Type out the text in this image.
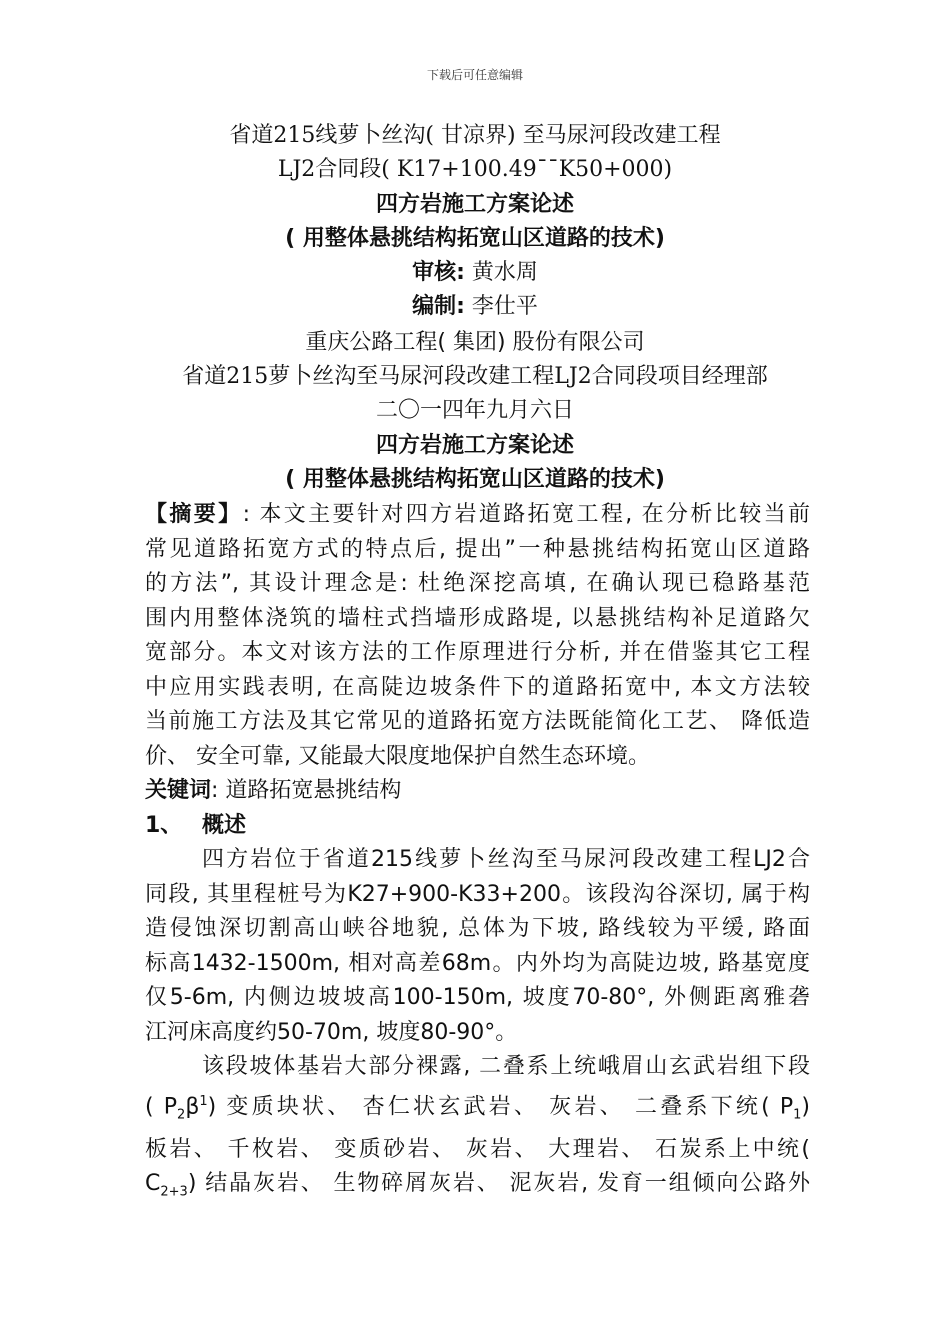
下载后可任意编辑
省道215线萝卜丝沟( 甘凉界) 至马尿河段改建工程
LJ2合同段( K17+100.49¯¯K50+000)
四方岩施工方案论述
( 用整体悬挑结构拓宽山区道路的技术)
审核: 黄水周
编制: 李仕平
重庆公路工程( 集团) 股份有限公司
省道215萝卜丝沟至马尿河段改建工程LJ2合同段项目经理部
二〇一四年九月六日
四方岩施工方案论述
( 用整体悬挑结构拓宽山区道路的技术)

【摘要】: 本文主要针对四方岩道路拓宽工程, 在分析比较当前

常见道路拓宽方式的特点后, 提出”一种悬挑结构拓宽山区道路

的方法”, 其设计理念是: 杜绝深挖高填, 在确认现已稳路基范

围内用整体浇筑的墙柱式挡墙形成路堤, 以悬挑结构补足道路欠

宽部分。本文对该方法的工作原理进行分析, 并在借鉴其它工程

中应用实践表明, 在高陡边坡条件下的道路拓宽中, 本文方法较

当前施工方法及其它常见的道路拓宽方法既能简化工艺、 降低造

价、 安全可靠, 又能最大限度地保护自然生态环境。

关键词: 道路拓宽悬挑结构

1、 概述

四方岩位于省道215线萝卜丝沟至马尿河段改建工程LJ2合

同段, 其里程桩号为K27+900-K33+200。该段沟谷深切, 属于构

造侵蚀深切割高山峡谷地貌, 总体为下坡, 路线较为平缓, 路面

标高1432-1500m, 相对高差68m。内外均为高陡边坡, 路基宽度

仅5-6m, 内侧边坡坡高100-150m, 坡度70-80°, 外侧距离雅砻

江河床高度约50-70m, 坡度80-90°。

该段坡体基岩大部分裸露, 二叠系上统峨眉山玄武岩组下段

( $P_2\beta^1$) 变质块状、 杏仁状玄武岩、 灰岩、 二叠系下统( $P_1$)

板岩、 千枚岩、 变质砂岩、 灰岩、 大理岩、 石炭系上中统(

$C_{2+3}$) 结晶灰岩、 生物碎屑灰岩、 泥灰岩, 发育一组倾向公路外
